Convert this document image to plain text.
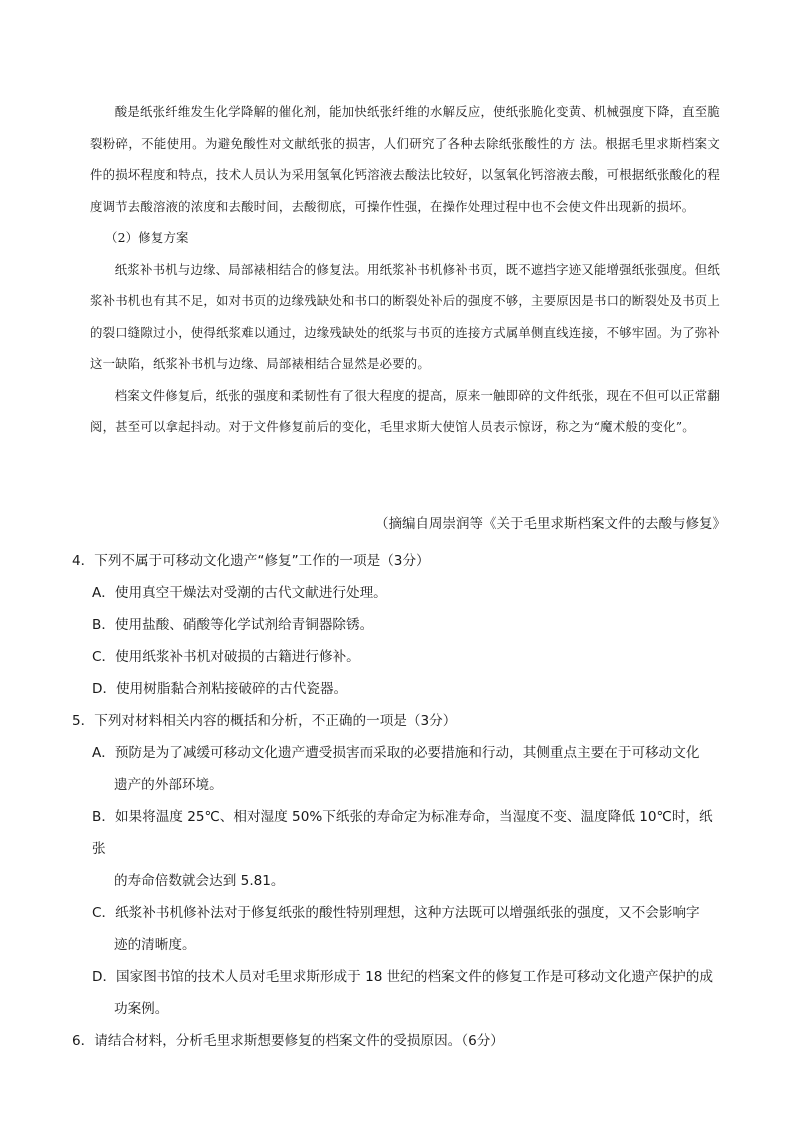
酸是纸张纤维发生化学降解的催化剂，能加快纸张纤维的水解反应，使纸张脆化变黄、机械强度下降，直至脆裂粉碎，不能使用。为避免酸性对文献纸张的损害，人们研究了各种去除纸张酸性的方 法。根据毛里求斯档案文件的损坏程度和特点，技术人员认为采用氢氧化钙溶液去酸法比较好，以氢氧化钙溶液去酸，可根据纸张酸化的程度调节去酸溶液的浓度和去酸时间，去酸彻底，可操作性强，在操作处理过程中也不会使文件出现新的损坏。

（2）修复方案

纸浆补书机与边缘、局部裱相结合的修复法。用纸浆补书机修补书页，既不遮挡字迹又能增强纸张强度。但纸浆补书机也有其不足，如对书页的边缘残缺处和书口的断裂处补后的强度不够，主要原因是书口的断裂处及书页上的裂口缝隙过小，使得纸浆难以通过，边缘残缺处的纸浆与书页的连接方式属单侧直线连接，不够牢固。为了弥补这一缺陷，纸浆补书机与边缘、局部裱相结合显然是必要的。

档案文件修复后，纸张的强度和柔韧性有了很大程度的提高，原来一触即碎的文件纸张，现在不但可以正常翻阅，甚至可以拿起抖动。对于文件修复前后的变化，毛里求斯大使馆人员表示惊讶，称之为“魔术般的变化”。

（摘编自周崇润等《关于毛里求斯档案文件的去酸与修复》

4．下列不属于可移动文化遗产“修复”工作的一项是（3分）

A．使用真空干燥法对受潮的古代文献进行处理。

B．使用盐酸、硝酸等化学试剂给青铜器除锈。

C．使用纸浆补书机对破损的古籍进行修补。

D．使用树脂黏合剂粘接破碎的古代瓷器。

5．下列对材料相关内容的概括和分析，不正确的一项是（3分）

A．预防是为了减缓可移动文化遗产遭受损害而采取的必要措施和行动，其侧重点主要在于可移动文化
遗产的外部环境。

B．如果将温度 25℃、相对湿度 50%下纸张的寿命定为标准寿命，当湿度不变、温度降低 10℃时，纸张
的寿命倍数就会达到 5.81。

C．纸浆补书机修补法对于修复纸张的酸性特别理想，这种方法既可以增强纸张的强度，又不会影响字
迹的清晰度。

D．国家图书馆的技术人员对毛里求斯形成于 18 世纪的档案文件的修复工作是可移动文化遗产保护的成
功案例。

6．请结合材料，分析毛里求斯想要修复的档案文件的受损原因。（6分）
